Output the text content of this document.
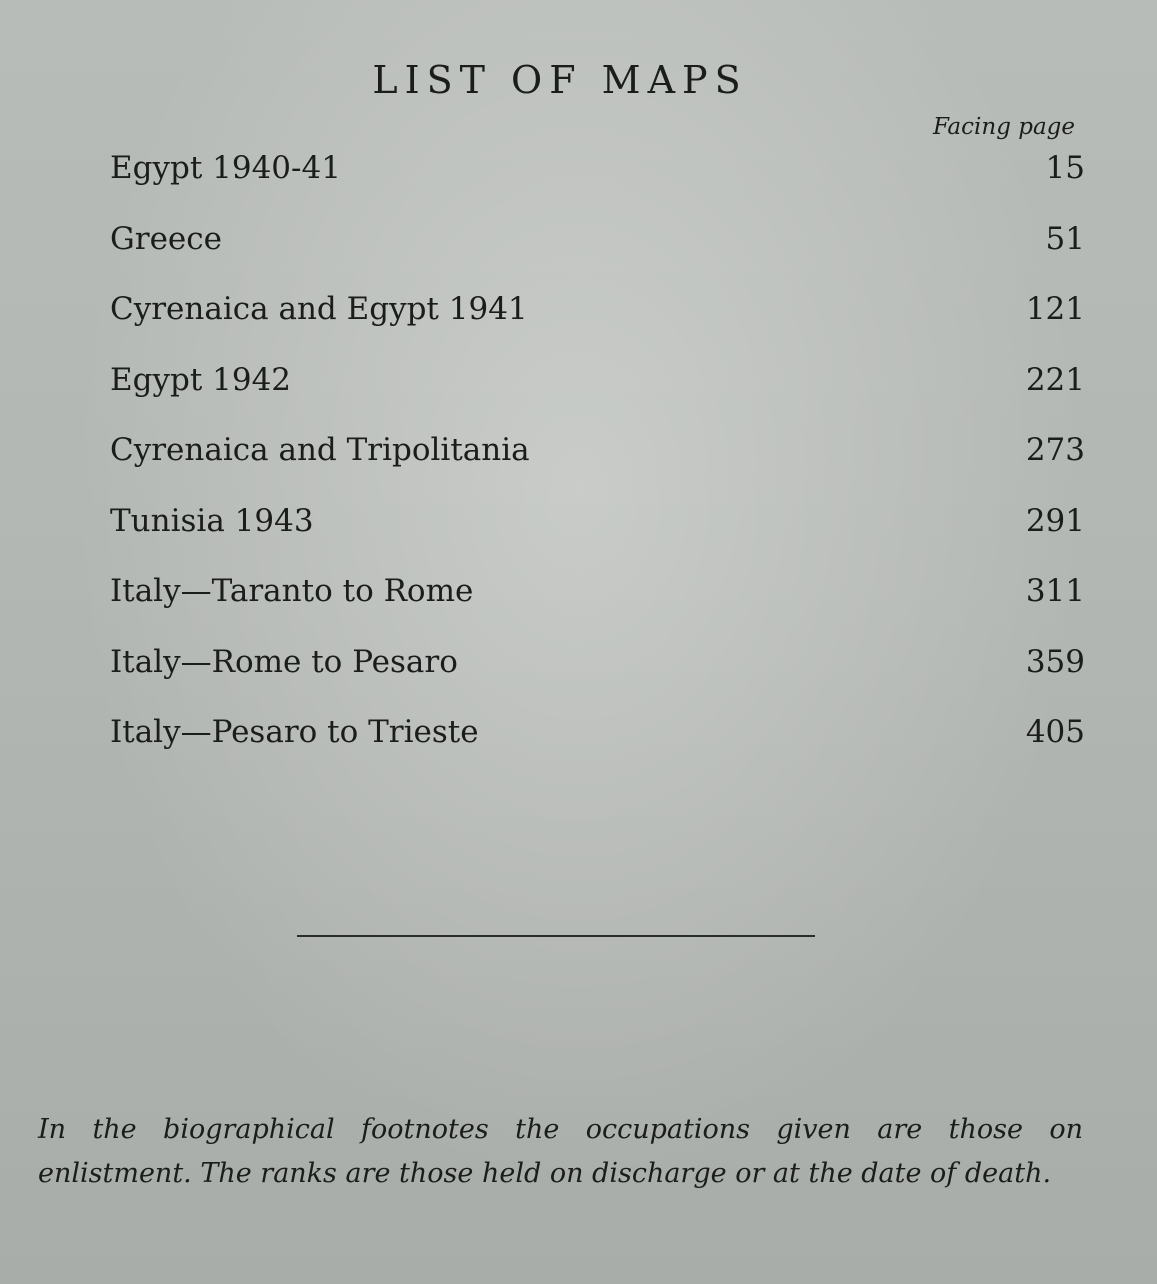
LIST OF MAPS
Facing page
Egypt 1940-41	15
Greece	51
Cyrenaica and Egypt 1941	121
Egypt 1942	221
Cyrenaica and Tripolitania	273
Tunisia 1943	291
Italy—Taranto to Rome	311
Italy—Rome to Pesaro	359
Italy—Pesaro to Trieste	405
In the biographical footnotes the occupations given are those on enlistment. The ranks are those held on discharge or at the date of death.
